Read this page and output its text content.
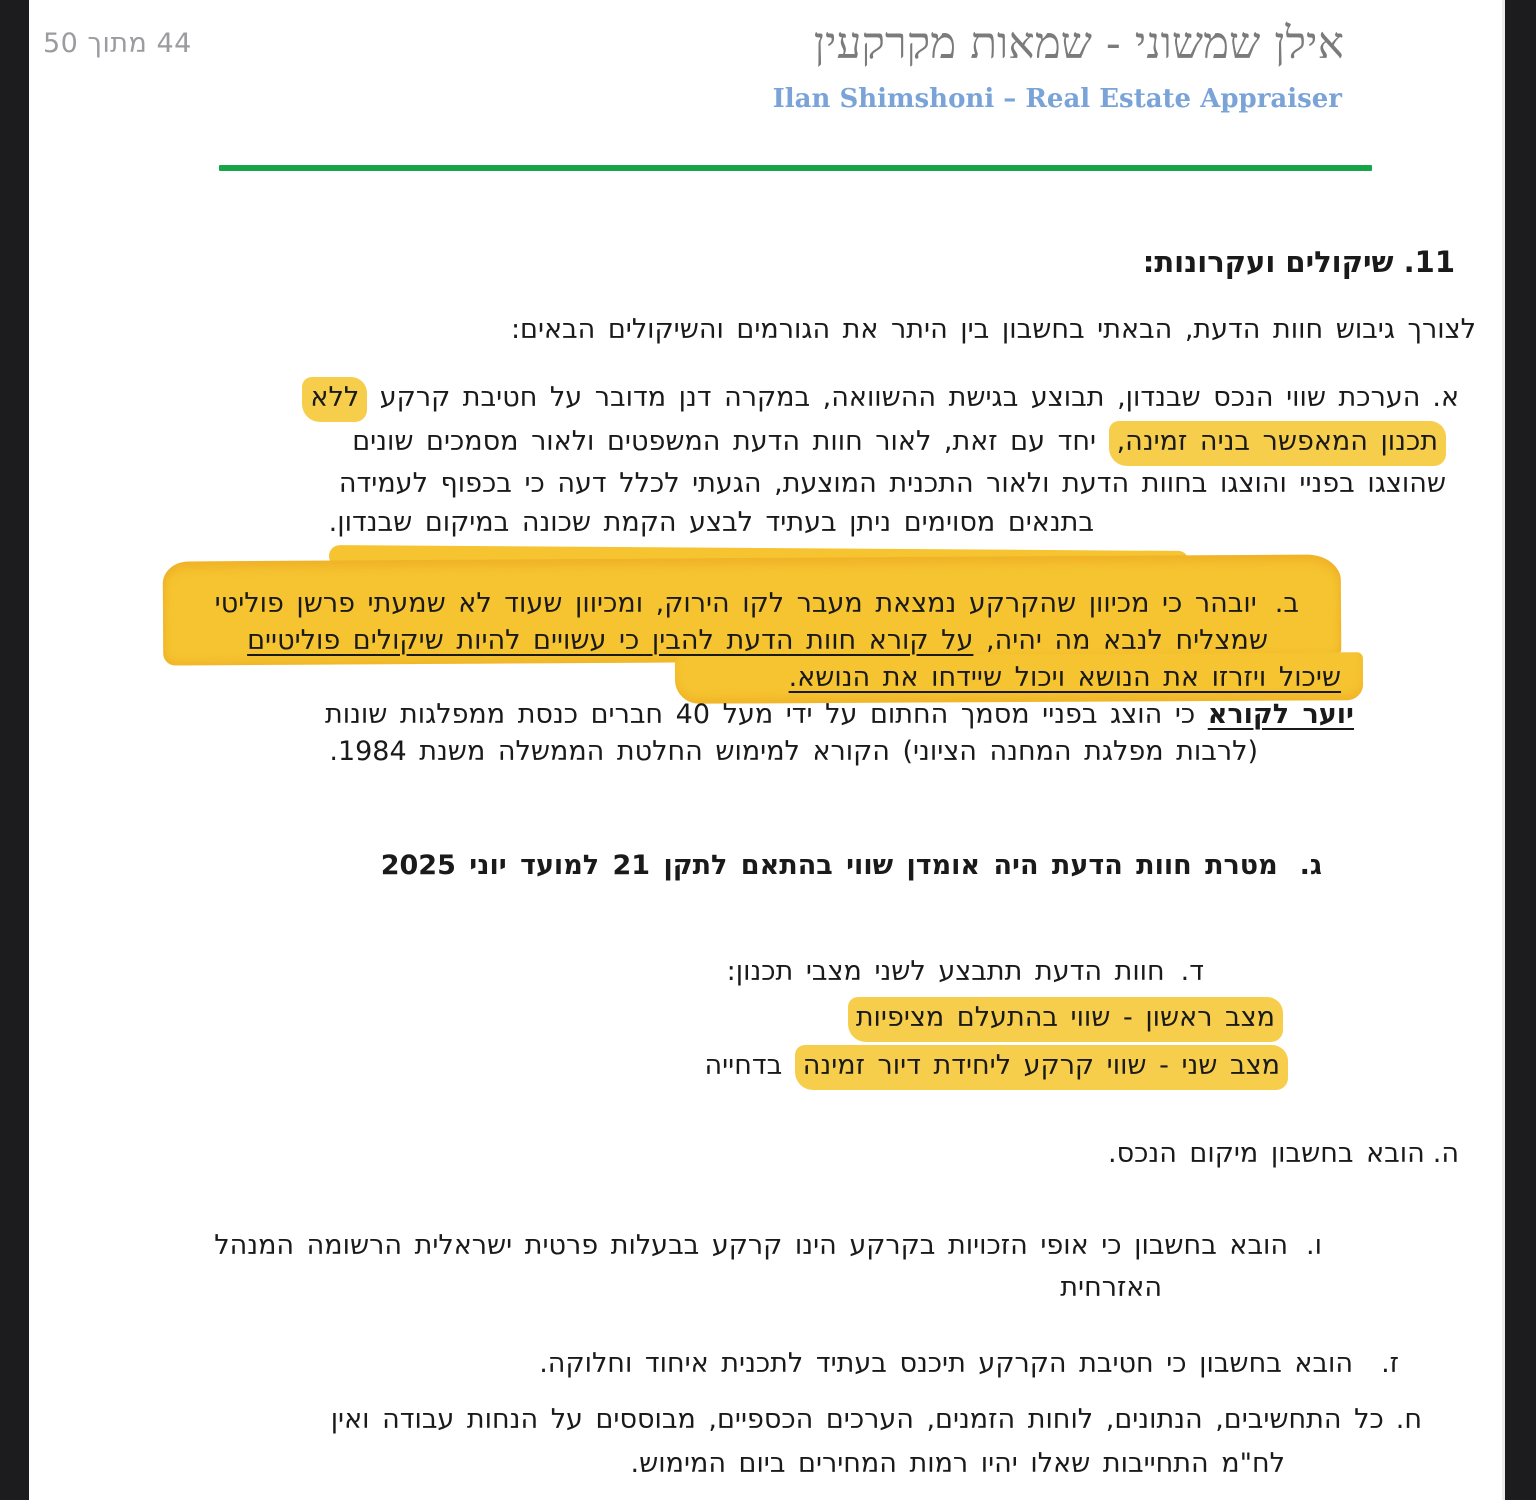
44 מתוך 50	אילן שמשוני - שמאות מקרקעין
Ilan Shimshoni – Real Estate Appraiser
11. שיקולים ועקרונות:
לצורך גיבוש חוות הדעת, הבאתי בחשבון בין היתר את הגורמים והשיקולים הבאים:
א.הערכת שווי הנכס שבנדון, תבוצע בגישת ההשוואה, במקרה דנן מדובר על חטיבת קרקע ללא
תכנון המאפשר בניה זמינה, יחד עם זאת, לאור חוות הדעת המשפטים ולאור מסמכים שונים
שהוצגו בפניי והוצגו בחוות הדעת ולאור התכנית המוצעת, הגעתי לכלל דעה כי בכפוף לעמידה
בתנאים מסוימים ניתן בעתיד לבצע הקמת שכונה במיקום שבנדון.
ב.יובהר כי מכיוון שהקרקע נמצאת מעבר לקו הירוק, ומכיוון שעוד לא שמעתי פרשן פוליטי
שמצליח לנבא מה יהיה, על קורא חוות הדעת להבין כי עשויים להיות שיקולים פוליטיים
שיכול ויזרזו את הנושא ויכול שיידחו את הנושא.
יוער לקורא כי הוצג בפניי מסמך החתום על ידי מעל 40 חברים כנסת ממפלגות שונות
(לרבות מפלגת המחנה הציוני) הקורא למימוש החלטת הממשלה משנת 1984.
ג.מטרת חוות הדעת היה אומדן שווי בהתאם לתקן 21 למועד יוני 2025
ד.חוות הדעת תתבצע לשני מצבי תכנון:
מצב ראשון - שווי בהתעלם מציפיות
מצב שני - שווי קרקע ליחידת דיור זמינה בדחייה
ה.הובא בחשבון מיקום הנכס.
ו.הובא בחשבון כי אופי הזכויות בקרקע הינו קרקע בבעלות פרטית ישראלית הרשומה המנהל
האזרחית
ז.הובא בחשבון כי חטיבת הקרקע תיכנס בעתיד לתכנית איחוד וחלוקה.
ח.כל התחשיבים, הנתונים, לוחות הזמנים, הערכים הכספיים, מבוססים על הנחות עבודה ואין
לח"מ התחייבות שאלו יהיו רמות המחירים ביום המימוש.
